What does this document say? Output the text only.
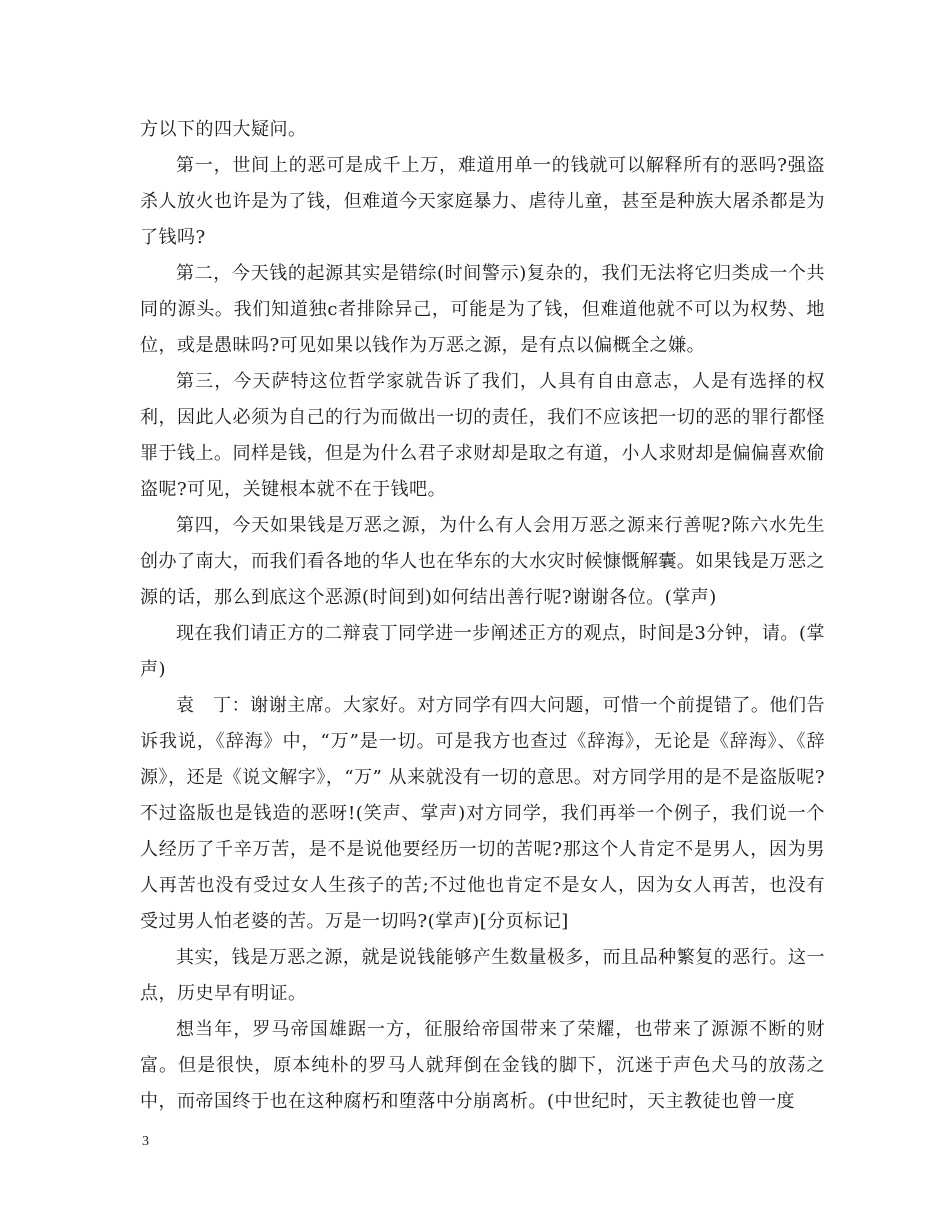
方以下的四大疑问。

第一，世间上的恶可是成千上万，难道用单一的钱就可以解释所有的恶吗?强盗杀人放火也许是为了钱，但难道今天家庭暴力、虐待儿童，甚至是种族大屠杀都是为了钱吗?

第二，今天钱的起源其实是错综(时间警示)复杂的，我们无法将它归类成一个共同的源头。我们知道独c者排除异己，可能是为了钱，但难道他就不可以为权势、地位，或是愚昧吗?可见如果以钱作为万恶之源，是有点以偏概全之嫌。

第三，今天萨特这位哲学家就告诉了我们，人具有自由意志，人是有选择的权利，因此人必须为自己的行为而做出一切的责任，我们不应该把一切的恶的罪行都怪罪于钱上。同样是钱，但是为什么君子求财却是取之有道，小人求财却是偏偏喜欢偷盗呢?可见，关键根本就不在于钱吧。

第四，今天如果钱是万恶之源，为什么有人会用万恶之源来行善呢?陈六水先生创办了南大，而我们看各地的华人也在华东的大水灾时候慷慨解囊。如果钱是万恶之源的话，那么到底这个恶源(时间到)如何结出善行呢?谢谢各位。(掌声)

现在我们请正方的二辩袁丁同学进一步阐述正方的观点，时间是3分钟，请。(掌声)

袁　丁：谢谢主席。大家好。对方同学有四大问题，可惜一个前提错了。他们告诉我说，《辞海》中，“万”是一切。可是我方也查过《辞海》，无论是《辞海》、《辞源》，还是《说文解字》，“万” 从来就没有一切的意思。对方同学用的是不是盗版呢?不过盗版也是钱造的恶呀!(笑声、掌声)对方同学，我们再举一个例子，我们说一个人经历了千辛万苦，是不是说他要经历一切的苦呢?那这个人肯定不是男人，因为男人再苦也没有受过女人生孩子的苦;不过他也肯定不是女人，因为女人再苦，也没有受过男人怕老婆的苦。万是一切吗?(掌声)[分页标记]

其实，钱是万恶之源，就是说钱能够产生数量极多，而且品种繁复的恶行。这一点，历史早有明证。

想当年，罗马帝国雄踞一方，征服给帝国带来了荣耀，也带来了源源不断的财富。但是很快，原本纯朴的罗马人就拜倒在金钱的脚下，沉迷于声色犬马的放荡之中，而帝国终于也在这种腐朽和堕落中分崩离析。(中世纪时，天主教徒也曾一度

3
